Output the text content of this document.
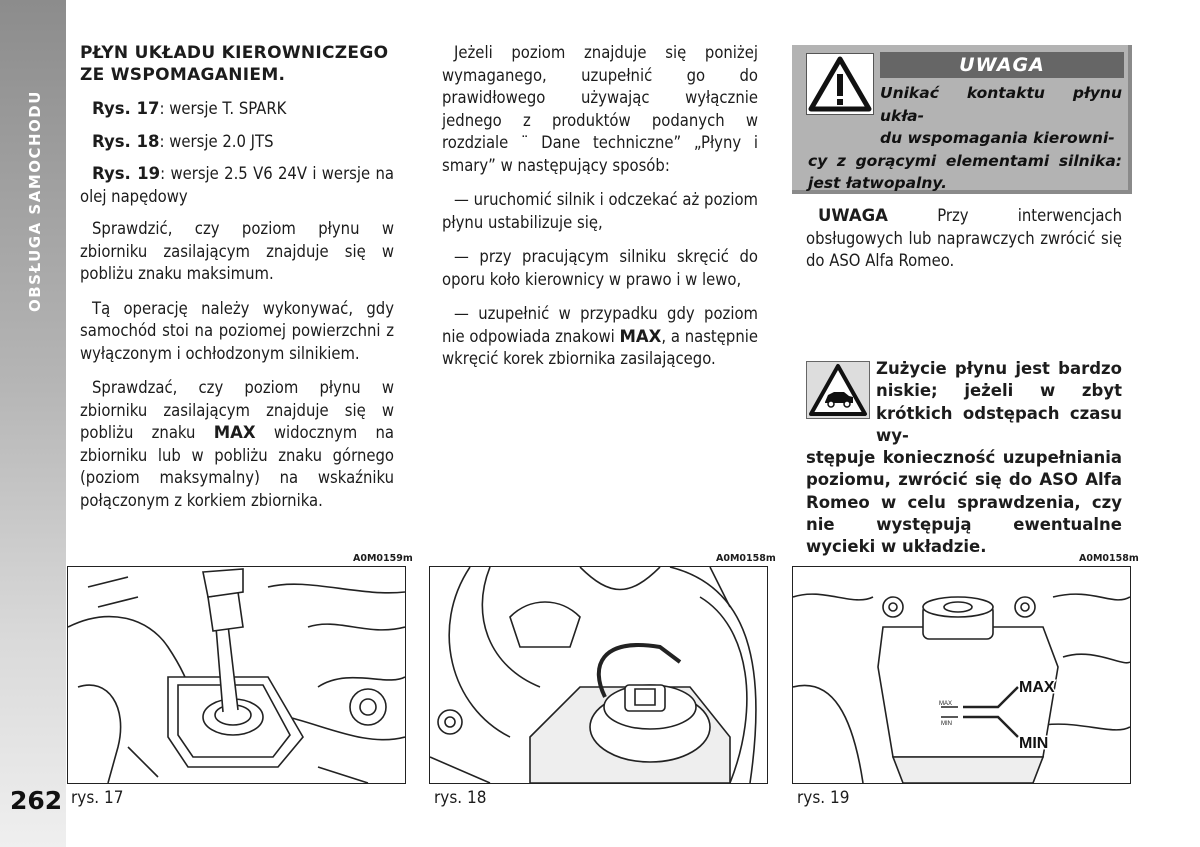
OBSŁUGA SAMOCHODU
262
PŁYN UKŁADU KIEROWNICZEGO
ZE WSPOMAGANIEM.

Rys. 17: wersje T. SPARK

Rys. 18: wersje 2.0 JTS

Rys. 19: wersje 2.5 V6 24V i wersje na olej napędowy

Sprawdzić, czy poziom płynu w zbiorniku zasilającym znajduje się w pobliżu znaku maksimum.

Tą operację należy wykonywać, gdy samochód stoi na poziomej powierzchni z wyłączonym i ochłodzonym silnikiem.

Sprawdzać, czy poziom płynu w zbiorniku zasilającym znajduje się w pobliżu znaku MAX widocznym na zbiorniku lub w pobliżu znaku górnego (poziom maksymalny) na wskaźniku połączonym z korkiem zbiornika.

Jeżeli poziom znajduje się poniżej wymaganego, uzupełnić go do prawidłowego używając wyłącznie jednego z produktów podanych w rozdziale ¨ Dane techniczne” „Płyny i smary” w następujący sposób:

— uruchomić silnik i odczekać aż poziom płynu ustabilizuje się,

— przy pracującym silniku skręcić do oporu koło kierownicy w prawo i w lewo,

— uzupełnić w przypadku gdy poziom nie odpowiada znakowi MAX, a następnie wkręcić korek zbiornika zasilającego.

UWAGA
Unikać kontaktu płynu ukła-
du wspomagania kierowni-
cy z gorącymi elementami silnika: jest łatwopalny.
UWAGA	Przy interwencjach obsługowych lub naprawczych zwrócić się do ASO Alfa Romeo.
Zużycie płynu jest bardzo niskie; jeżeli w zbyt krótkich odstępach czasu wy-
stępuje konieczność uzupełniania poziomu, zwrócić się do ASO Alfa Romeo w celu sprawdzenia, czy nie występują ewentualne wycieki w układzie.
A0M0159m	A0M0158m	A0M0158m
MAX
MIN
MAX
MIN
rys. 17	rys. 18	rys. 19
